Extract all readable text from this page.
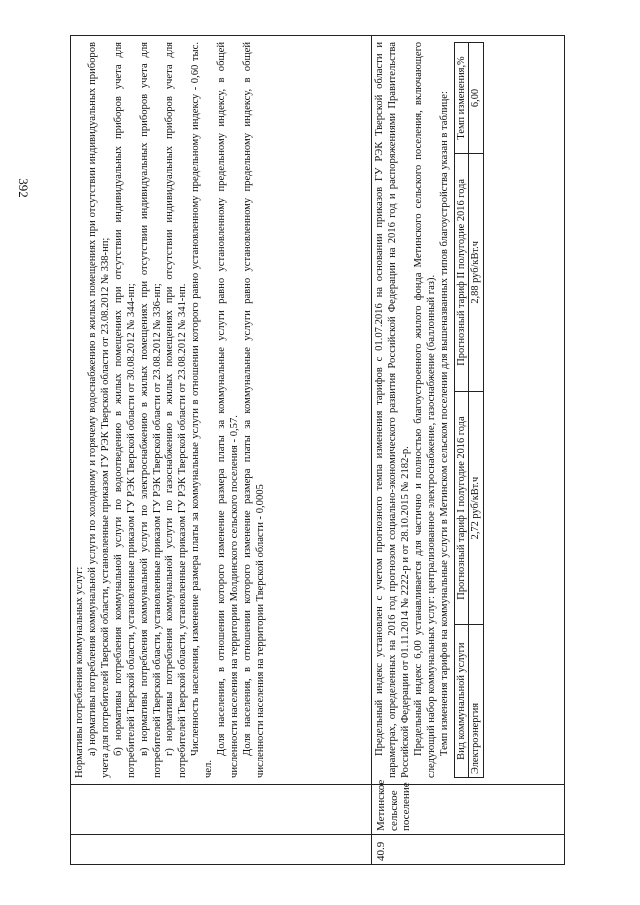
392

Нормативы потребления коммунальных услуг: а) нормативы потребления коммунальной услуги по холодному и горячему водоснабжению в жилых помещениях при отсутствии индивидуальных приборов учета для потребителей Тверской области, установленные приказом ГУ РЭК Тверской области от 23.08.2012 № 338-нп; б) нормативы потребления коммунальной услуги по водоотведению в жилых помещениях при отсутствии индивидуальных приборов учета для потребителей Тверской области, установленные приказом ГУ РЭК Тверской области от 30.08.2012 № 344-нп; в) нормативы потребления коммунальной услуги по электроснабжению в жилых помещениях при отсутствии индивидуальных приборов учета для потребителей Тверской области, установленные приказом ГУ РЭК Тверской области от 23.08.2012 № 336-нп; г) нормативы потребления коммунальной услуги по газоснабжению в жилых помещениях при отсутствии индивидуальных приборов учета для потребителей Тверской области, установленные приказом ГУ РЭК Тверской области от 23.08.2012 № 341-нп. Численность населения, изменение размера платы за коммунальные услуги в отношении которого равно установленному предельному индексу - 0,60 тыс. чел.

Доля населения, в отношении которого изменение размера платы за коммунальные услуги равно установленному предельному индексу, в общей численности населения на территории Молдинского сельского поселения - 0,57. Доля населения, в отношении которого изменение размера платы за коммунальные услуги равно установленному предельному индексу, в общей численности населения на территории Тверской области - 0,0005

40.9
Метинское сельское поселение

Предельный индекс установлен с учетом прогнозного темпа изменения тарифов с 01.07.2016 на основании приказов ГУ РЭК Тверской области и параметрах, определенных на 2016 год прогнозом социально-экономического развития Российской Федерации на 2016 год и распоряжениями Правительства Российской Федерации от 01.11.2014 № 2222-р и от 28.10.2015 № 2182-р. Предельный индекс 6,00 устанавливается для частично и полностью благоустроенного жилого фонда Метинского сельского поселения, включающего следующий набор коммунальных услуг: централизованное электроснабжение, газоснабжение (баллонный газ). Темп изменения тарифов на коммунальные услуги в Метинском сельском поселении для вышеназванных типов благоустройства указан в таблице: Вид коммунальной услуги	Прогнозный тариф I полугодие 2016 года	Прогнозный тариф II полугодие 2016 года	Темп изменения,%
Электроэнергия	2,72 руб/кВт.ч	2,88 руб/кВт.ч	6,00
